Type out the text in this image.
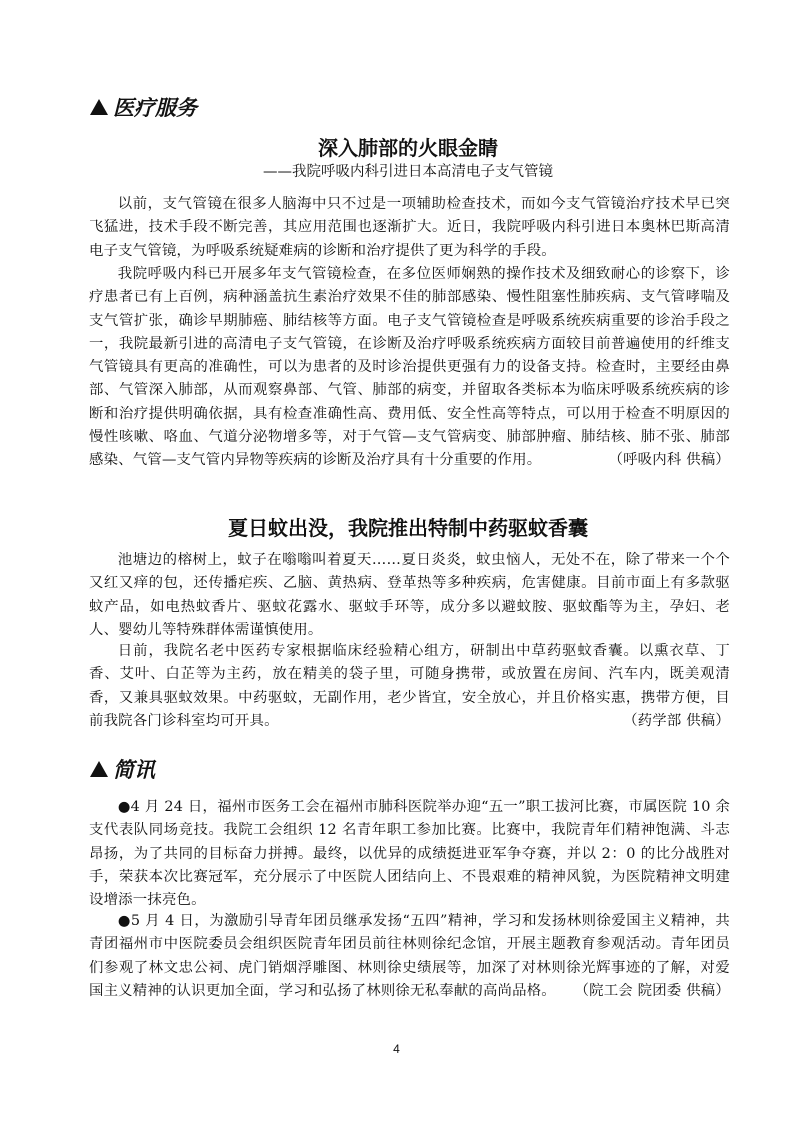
医疗服务
深入肺部的火眼金睛
——我院呼吸内科引进日本高清电子支气管镜

以前，支气管镜在很多人脑海中只不过是一项辅助检查技术，而如今支气管镜治疗技术早已突飞猛进，技术手段不断完善，其应用范围也逐渐扩大。近日，我院呼吸内科引进日本奥林巴斯高清电子支气管镜，为呼吸系统疑难病的诊断和治疗提供了更为科学的手段。

我院呼吸内科已开展多年支气管镜检查，在多位医师娴熟的操作技术及细致耐心的诊察下，诊疗患者已有上百例，病种涵盖抗生素治疗效果不佳的肺部感染、慢性阻塞性肺疾病、支气管哮喘及支气管扩张，确诊早期肺癌、肺结核等方面。电子支气管镜检查是呼吸系统疾病重要的诊治手段之一，我院最新引进的高清电子支气管镜，在诊断及治疗呼吸系统疾病方面较目前普遍使用的纤维支气管镜具有更高的准确性，可以为患者的及时诊治提供更强有力的设备支持。检查时，主要经由鼻部、气管深入肺部，从而观察鼻部、气管、肺部的病变，并留取各类标本为临床呼吸系统疾病的诊断和治疗提供明确依据，具有检查准确性高、费用低、安全性高等特点，可以用于检查不明原因的慢性咳嗽、咯血、气道分泌物增多等，对于气管—支气管病变、肺部肿瘤、肺结核、肺不张、肺部感染、气管—支气管内异物等疾病的诊断及治疗具有十分重要的作用。	（呼吸内科 供稿）

夏日蚊出没，我院推出特制中药驱蚊香囊

池塘边的榕树上，蚊子在嗡嗡叫着夏天……夏日炎炎，蚊虫恼人，无处不在，除了带来一个个又红又痒的包，还传播疟疾、乙脑、黄热病、登革热等多种疾病，危害健康。目前市面上有多款驱蚊产品，如电热蚊香片、驱蚊花露水、驱蚊手环等，成分多以避蚊胺、驱蚊酯等为主，孕妇、老人、婴幼儿等特殊群体需谨慎使用。

日前，我院名老中医药专家根据临床经验精心组方，研制出中草药驱蚊香囊。以熏衣草、丁香、艾叶、白芷等为主药，放在精美的袋子里，可随身携带，或放置在房间、汽车内，既美观清香，又兼具驱蚊效果。中药驱蚊，无副作用，老少皆宜，安全放心，并且价格实惠，携带方便，目前我院各门诊科室均可开具。	（药学部 供稿）

简讯

●4 月 24 日，福州市医务工会在福州市肺科医院举办迎“五一”职工拔河比赛，市属医院 10 余支代表队同场竞技。我院工会组织 12 名青年职工参加比赛。比赛中，我院青年们精神饱满、斗志昂扬，为了共同的目标奋力拼搏。最终，以优异的成绩挺进亚军争夺赛，并以 2：0 的比分战胜对手，荣获本次比赛冠军，充分展示了中医院人团结向上、不畏艰难的精神风貌，为医院精神文明建设增添一抹亮色。

●5 月 4 日，为激励引导青年团员继承发扬“五四”精神，学习和发扬林则徐爱国主义精神，共青团福州市中医院委员会组织医院青年团员前往林则徐纪念馆，开展主题教育参观活动。青年团员们参观了林文忠公祠、虎门销烟浮雕图、林则徐史绩展等，加深了对林则徐光辉事迹的了解，对爱国主义精神的认识更加全面，学习和弘扬了林则徐无私奉献的高尚品格。 （院工会 院团委 供稿）

4
